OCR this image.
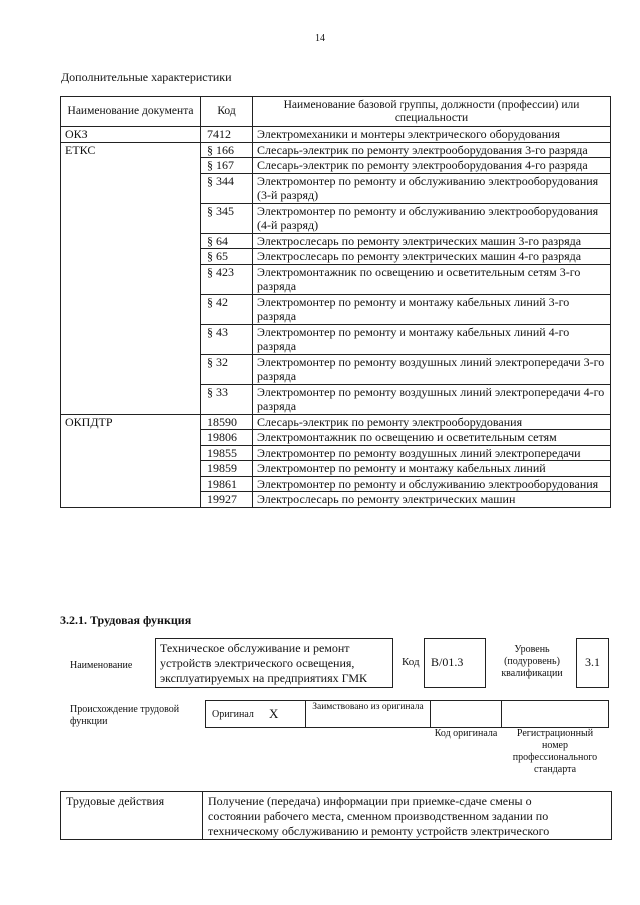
14
Дополнительные характеристики
Наименование документа	Код	Наименование базовой группы, должности (профессии) или специальности
ОКЗ	7412	Электромеханики и монтеры электрического оборудования
ЕТКС	§ 166	Слесарь-электрик по ремонту электрооборудования 3-го разряда
	§ 167	Слесарь-электрик по ремонту электрооборудования 4-го разряда
	§ 344	Электромонтер по ремонту и обслуживанию электрооборудования (3-й разряд)
	§ 345	Электромонтер по ремонту и обслуживанию электрооборудования (4-й разряд)
	§ 64	Электрослесарь по ремонту электрических машин 3-го разряда
	§ 65	Электрослесарь по ремонту электрических машин 4-го разряда
	§ 423	Электромонтажник по освещению и осветительным сетям 3-го разряда
	§ 42	Электромонтер по ремонту и монтажу кабельных линий 3-го разряда
	§ 43	Электромонтер по ремонту и монтажу кабельных линий 4-го разряда
	§ 32	Электромонтер по ремонту воздушных линий электропередачи 3-го разряда
	§ 33	Электромонтер по ремонту воздушных линий электропередачи 4-го разряда
ОКПДТР	18590	Слесарь-электрик по ремонту электрооборудования
	19806	Электромонтажник по освещению и осветительным сетям
	19855	Электромонтер по ремонту воздушных линий электропередачи
	19859	Электромонтер по ремонту и монтажу кабельных линий
	19861	Электромонтер по ремонту и обслуживанию электрооборудования
	19927	Электрослесарь по ремонту электрических машин
3.2.1. Трудовая функция
Наименование
Техническое обслуживание и ремонт устройств электрического освещения, эксплуатируемых на предприятиях ГМК
Код B/01.3
Уровень (подуровень) квалификации
3.1
Происхождение трудовой функции
Оригинал X	Заимствовано из оригинала
Код оригинала	Регистрационный номер профессионального стандарта
Трудовые действия	Получение (передача) информации при приемке-сдаче смены о
состоянии рабочего места, сменном производственном задании по
техническому обслуживанию и ремонту устройств электрического
